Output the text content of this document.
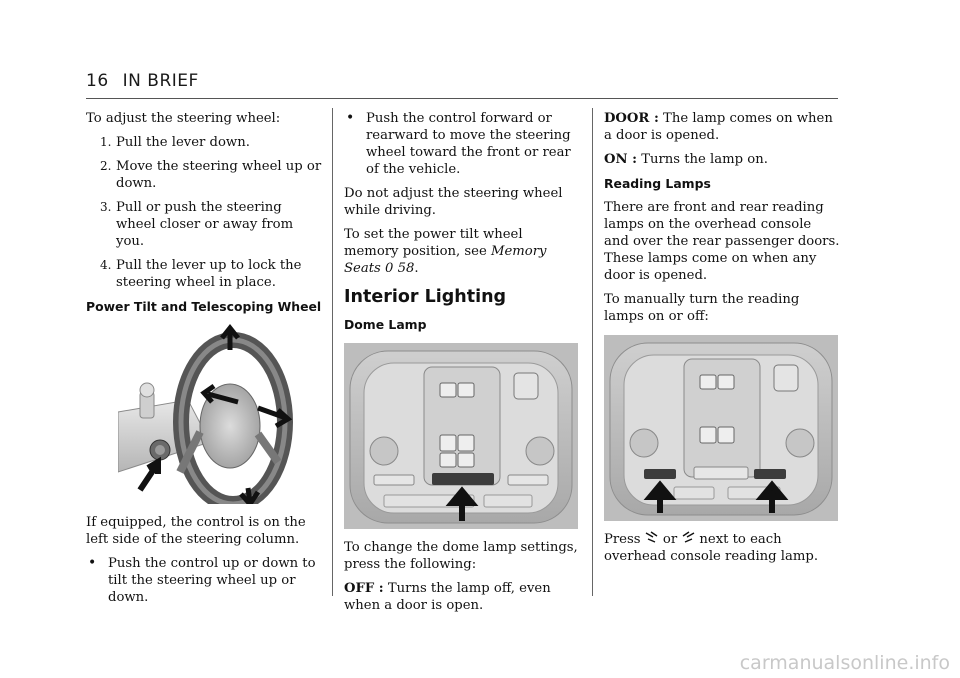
16 IN BRIEF

To adjust the steering wheel:

1. Pull the lever down.
2. Move the steering wheel up or down.
3. Pull or push the steering wheel closer or away from you.
4. Pull the lever up to lock the steering wheel in place.
Power Tilt and Telescoping Wheel

If equipped, the control is on the left side of the steering column.

• Push the control up or down to tilt the steering wheel up or down.
• Push the control forward or rearward to move the steering wheel toward the front or rear of the vehicle.

Do not adjust the steering wheel while driving.

To set the power tilt wheel memory position, see Memory Seats 0 58.

Interior Lighting
Dome Lamp

To change the dome lamp settings, press the following:

OFF : Turns the lamp off, even when a door is open.

DOOR : The lamp comes on when a door is opened.

ON : Turns the lamp on.

Reading Lamps

There are front and rear reading lamps on the overhead console and over the rear passenger doors. These lamps come on when any door is opened.

To manually turn the reading lamps on or off:

Press or next to each overhead console reading lamp.

carmanualsonline.info
